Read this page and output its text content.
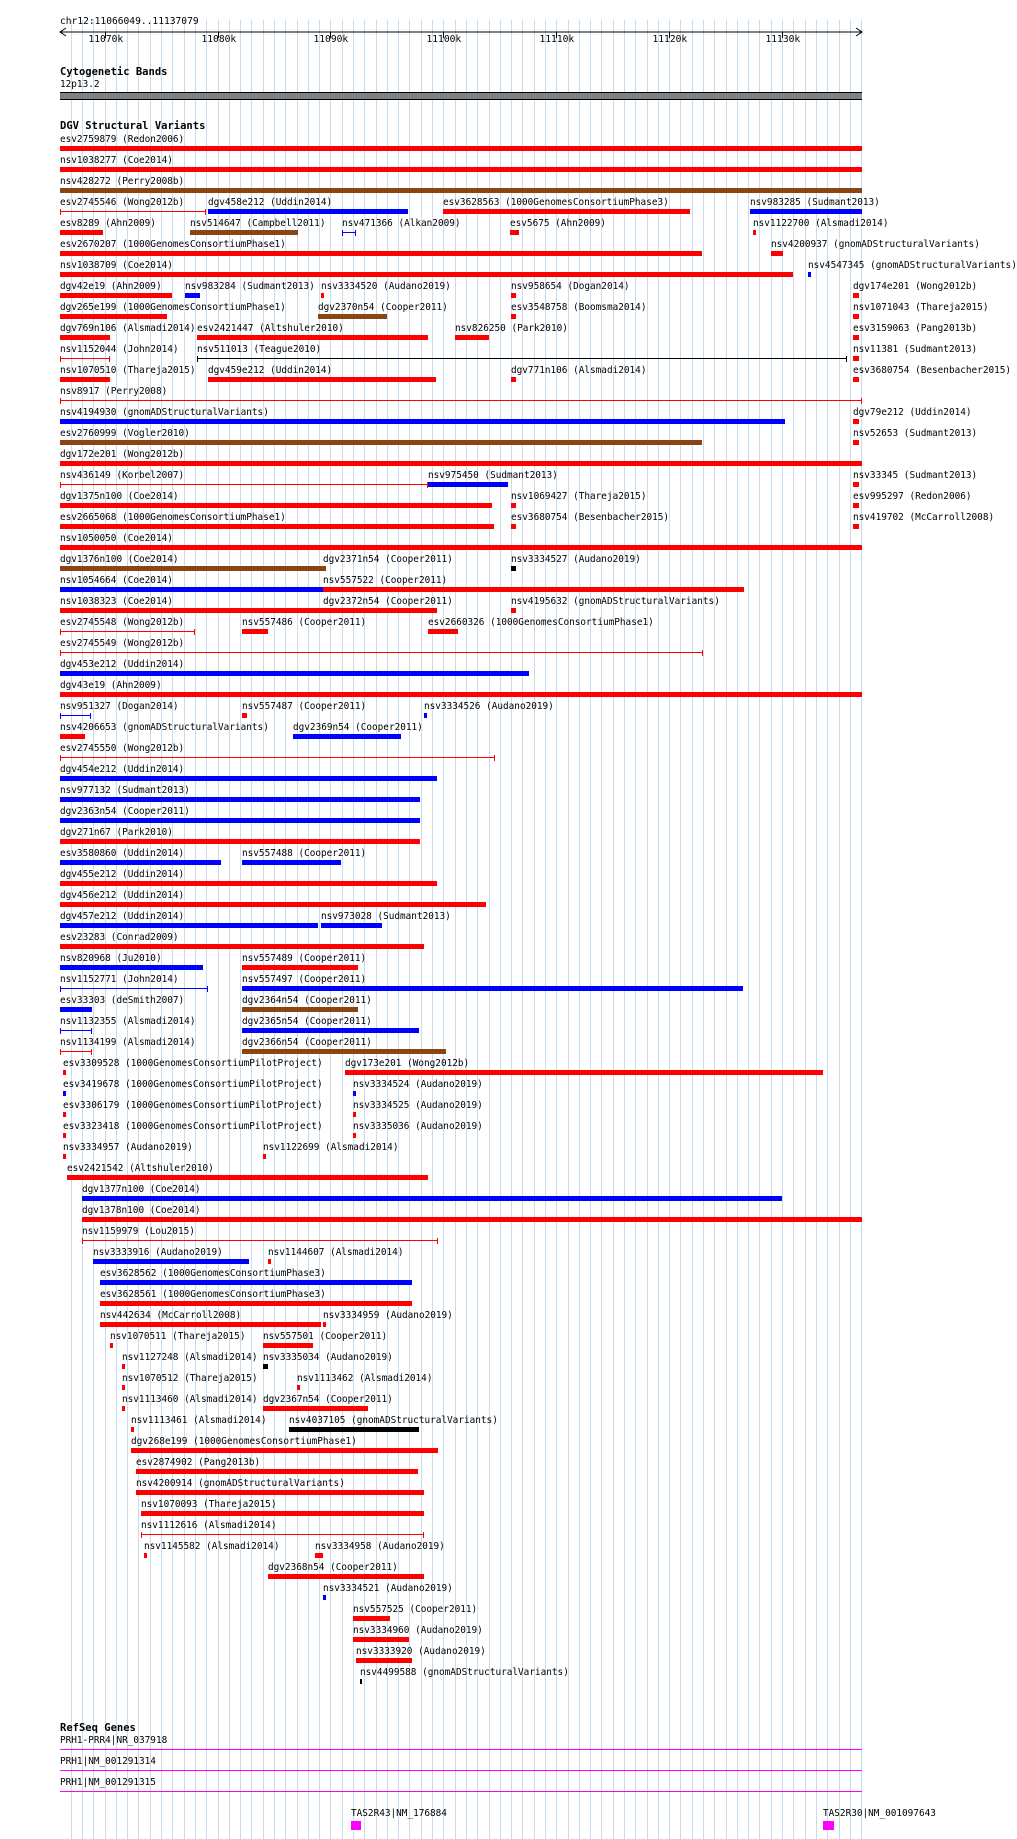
chr12:11066049..11137079
11070k	11080k	11090k	11100k	11110k	11120k	11130k
Cytogenetic Bands
12p13.2
DGV Structural Variants
esv2759879 (Redon2006)
nsv1038277 (Coe2014)
nsv428272 (Perry2008b)
esv2745546 (Wong2012b)	dgv458e212 (Uddin2014)	esv3628563 (1000GenomesConsortiumPhase3)	nsv983285 (Sudmant2013)
esv8289 (Ahn2009)	nsv514647 (Campbell2011) nsv471366 (Alkan2009)	esv5675 (Ahn2009)	nsv1122700 (Alsmadi2014)
esv2670207 (1000GenomesConsortiumPhase1)	nsv4200937 (gnomADStructuralVariants)
nsv1038709 (Coe2014)	nsv4547345 (gnomADStructuralVariants)
dgv42e19 (Ahn2009) nsv983284 (Sudmant2013) nsv3334520 (Audano2019)	nsv958654 (Dogan2014)	dgv174e201 (Wong2012b)
dgv265e199 (1000GenomesConsortiumPhase1)	dgv2370n54 (Cooper2011)	esv3548758 (Boomsma2014)	nsv1071043 (Thareja2015)
dgv769n106 (Alsmadi2014) esv2421447 (Altshuler2010)	nsv826250 (Park2010)	esv3159063 (Pang2013b)
nsv1152044 (John2014) nsv511013 (Teague2010)	nsv11381 (Sudmant2013)
nsv1070510 (Thareja2015) dgv459e212 (Uddin2014)	dgv771n106 (Alsmadi2014)	esv3680754 (Besenbacher2015)
nsv8917 (Perry2008)
nsv4194930 (gnomADStructuralVariants)	dgv79e212 (Uddin2014)
esv2760999 (Vogler2010)	nsv52653 (Sudmant2013)
dgv172e201 (Wong2012b)
nsv436149 (Korbel2007)	nsv975450 (Sudmant2013)	nsv33345 (Sudmant2013)
dgv1375n100 (Coe2014)	nsv1069427 (Thareja2015)	esv995297 (Redon2006)
esv2665068 (1000GenomesConsortiumPhase1)	esv3680754 (Besenbacher2015)	nsv419702 (McCarroll2008)
nsv1050050 (Coe2014)
dgv1376n100 (Coe2014)	dgv2371n54 (Cooper2011)	nsv3334527 (Audano2019)
nsv1054664 (Coe2014)	nsv557522 (Cooper2011)
nsv1038323 (Coe2014)	dgv2372n54 (Cooper2011)	nsv4195632 (gnomADStructuralVariants)
esv2745548 (Wong2012b)	nsv557486 (Cooper2011)	esv2660326 (1000GenomesConsortiumPhase1)
esv2745549 (Wong2012b)
dgv453e212 (Uddin2014)
dgv43e19 (Ahn2009)
nsv951327 (Dogan2014)	nsv557487 (Cooper2011)	nsv3334526 (Audano2019)
nsv4206653 (gnomADStructuralVariants)	dgv2369n54 (Cooper2011)
esv2745550 (Wong2012b)
dgv454e212 (Uddin2014)
nsv977132 (Sudmant2013)
dgv2363n54 (Cooper2011)
dgv271n67 (Park2010)
esv3580860 (Uddin2014)	nsv557488 (Cooper2011)
dgv455e212 (Uddin2014)
dgv456e212 (Uddin2014)
dgv457e212 (Uddin2014)	nsv973028 (Sudmant2013)
esv23283 (Conrad2009)
nsv820968 (Ju2010)	nsv557489 (Cooper2011)
nsv1152771 (John2014)	nsv557497 (Cooper2011)
esv33303 (deSmith2007)	dgv2364n54 (Cooper2011)
nsv1132355 (Alsmadi2014)	dgv2365n54 (Cooper2011)
nsv1134199 (Alsmadi2014)	dgv2366n54 (Cooper2011)
esv3309528 (1000GenomesConsortiumPilotProject) dgv173e201 (Wong2012b)
esv3419678 (1000GenomesConsortiumPilotProject)	nsv3334524 (Audano2019)
esv3306179 (1000GenomesConsortiumPilotProject)	nsv3334525 (Audano2019)
esv3323418 (1000GenomesConsortiumPilotProject)	nsv3335036 (Audano2019)
nsv3334957 (Audano2019)	nsv1122699 (Alsmadi2014)
esv2421542 (Altshuler2010)
dgv1377n100 (Coe2014)
dgv1378n100 (Coe2014)
nsv1159979 (Lou2015)
nsv3333916 (Audano2019)	nsv1144607 (Alsmadi2014)
esv3628562 (1000GenomesConsortiumPhase3)
esv3628561 (1000GenomesConsortiumPhase3)
nsv442634 (McCarroll2008)	nsv3334959 (Audano2019)
nsv1070511 (Thareja2015) nsv557501 (Cooper2011)
nsv1127248 (Alsmadi2014) nsv3335034 (Audano2019)
nsv1070512 (Thareja2015)	nsv1113462 (Alsmadi2014)
nsv1113460 (Alsmadi2014) dgv2367n54 (Cooper2011)
nsv1113461 (Alsmadi2014) nsv4037105 (gnomADStructuralVariants)
dgv268e199 (1000GenomesConsortiumPhase1)
esv2874902 (Pang2013b)
nsv4200914 (gnomADStructuralVariants)
nsv1070093 (Thareja2015)
nsv1112616 (Alsmadi2014)
nsv1145582 (Alsmadi2014)	nsv3334958 (Audano2019)
dgv2368n54 (Cooper2011)
nsv3334521 (Audano2019)
nsv557525 (Cooper2011)
nsv3334960 (Audano2019)
nsv3333920 (Audano2019)
nsv4499588 (gnomADStructuralVariants)
RefSeq Genes
PRH1-PRR4|NR_037918
PRH1|NM_001291314
PRH1|NM_001291315
TAS2R43|NM_176884	TAS2R30|NM_001097643
